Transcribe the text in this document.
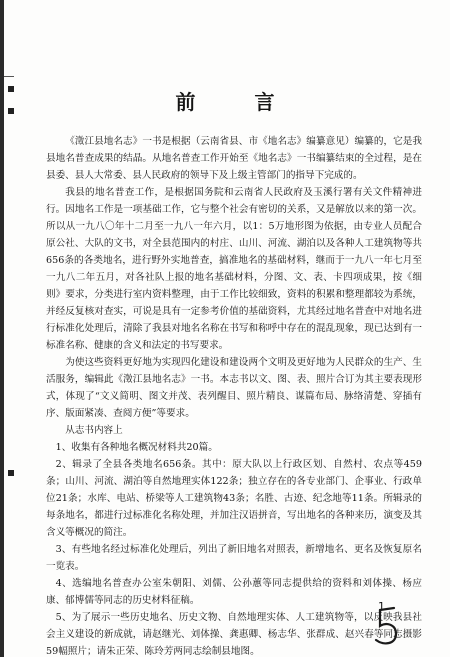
前 言

《澂江县地名志》一书是根据（云南省县、市《地名志》编纂意见）编纂的，它是我县地名普查成果的结晶。从地名普查工作开始至《地名志》一书编纂结束的全过程，是在县委、县人大常委、县人民政府的领导下及上级主管部门的指导下完成的。

我县的地名普查工作，是根据国务院和云南省人民政府及玉溪行署有关文件精神进行。因地名工作是一项基础工作，它与整个社会有密切的关系，又是解放以来的第一次。所以从一九八〇年十二月至一九八一年六月，以1：5万地形图为依据，由专业人员配合原公社、大队的文书，对全县范围内的村庄、山川、河流、湖泊以及各种人工建筑物等共656条的各类地名，进行野外实地普查，搞准地名的基础材料，继而于一九八一年七月至一九八二年五月，对各社队上报的地名基础材料，分图、文、表、卡四项成果，按《细则》要求，分类进行室内资料整理，由于工作比较细致，资料的积累和整理都较为系统，并经反复核对查实，可说是具有一定参考价值的基础资料，尤其经过地名普查中对地名进行标准化处理后，清除了我县对地名名称在书写和称呼中存在的混乱现象，现已达到有一标准名称、健康的含义和法定的书写要求。

为使这些资料更好地为实现四化建设和建设两个文明及更好地为人民群众的生产、生活服务，编辑此《澂江县地名志》一书。本志书以文、图、表、照片合订为其主要表现形式，体现了“文义简明、图文并茂、表列醒目、照片精良、谋篇布局、脉络清楚、穿插有序、版面紧凑、查阅方便”等要求。

从志书内容上

1、收集有各种地名概况材料共20篇。

2、辑录了全县各类地名656条。其中：原大队以上行政区划、自然村、农点等459条；山川、河流、湖泊等自然地理实体122条；独立存在的各专业部门、企事业、行政单位21条；水库、电站、桥梁等人工建筑物43条；名胜、古迹、纪念地等11条。所辑录的每条地名，都进行过标准化名称处理，并加注汉语拼音，写出地名的各种来历，演变及其含义等概况的简注。

3、有些地名经过标准化处理后，列出了新旧地名对照表，新增地名、更名及恢复原名一览表。

4、选编地名普查办公室朱朝阳、刘儒、公孙蕙等同志提供给的资料和刘体操、杨应康、郁博儒等同志的历史材料征稿。

5、为了展示一些历史地名、历史文物、自然地理实体、人工建筑物等，以反映我县社会主义建设的新成就，请赵继光、刘体操、龚惠卿、杨志华、张群成、赵兴春等同志摄影59幅照片；请朱正荣、陈玲芳两同志绘制县地图。

1
